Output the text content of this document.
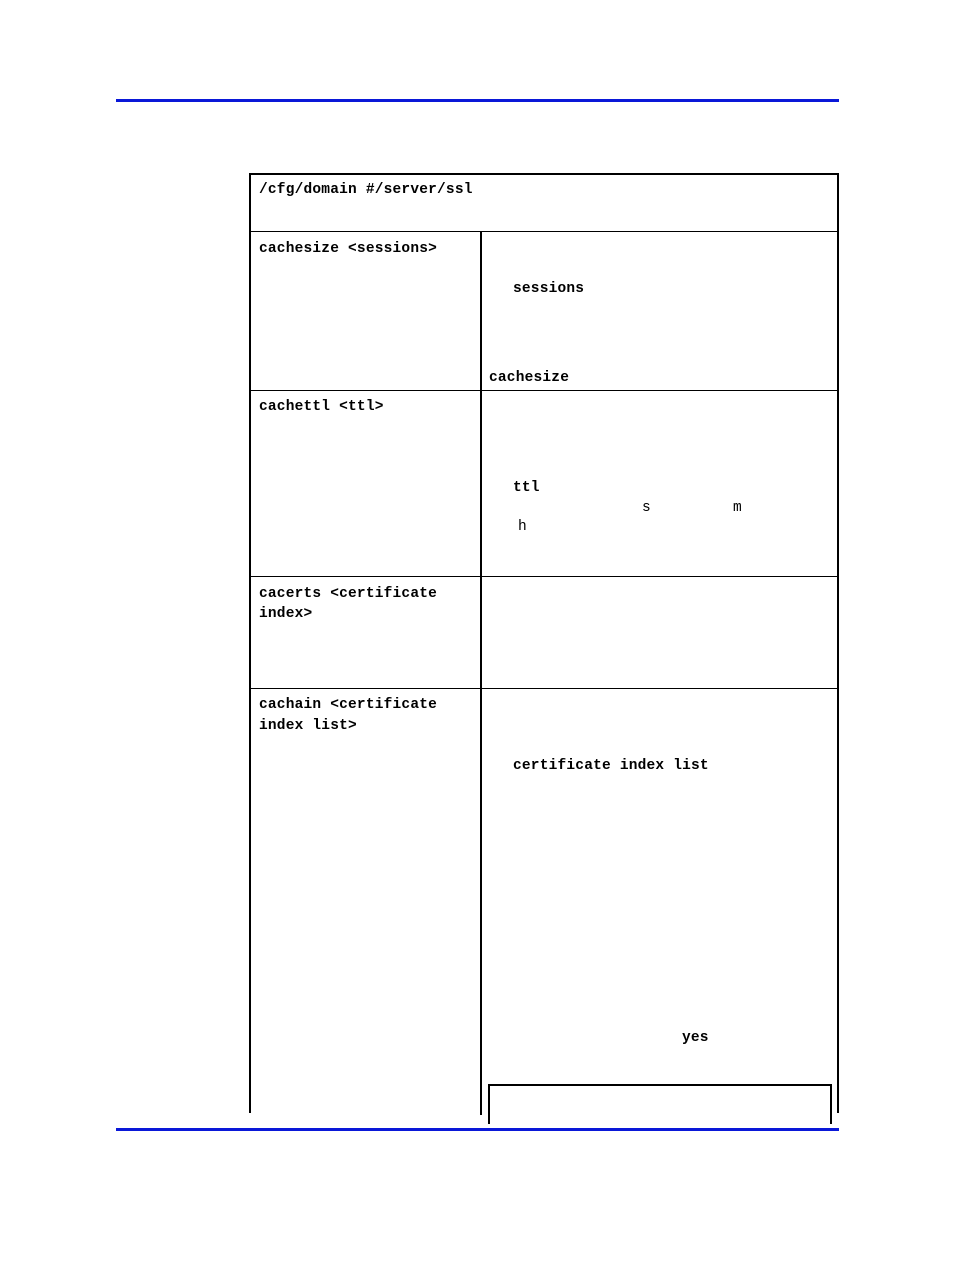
/cfg/domain #/server/ssl
cachesize <sessions>
sessions
cachesize
cachettl <ttl>
ttl
s	m
h
cacerts <certificate
index>
cachain <certificate
index list>
certificate index list
yes
